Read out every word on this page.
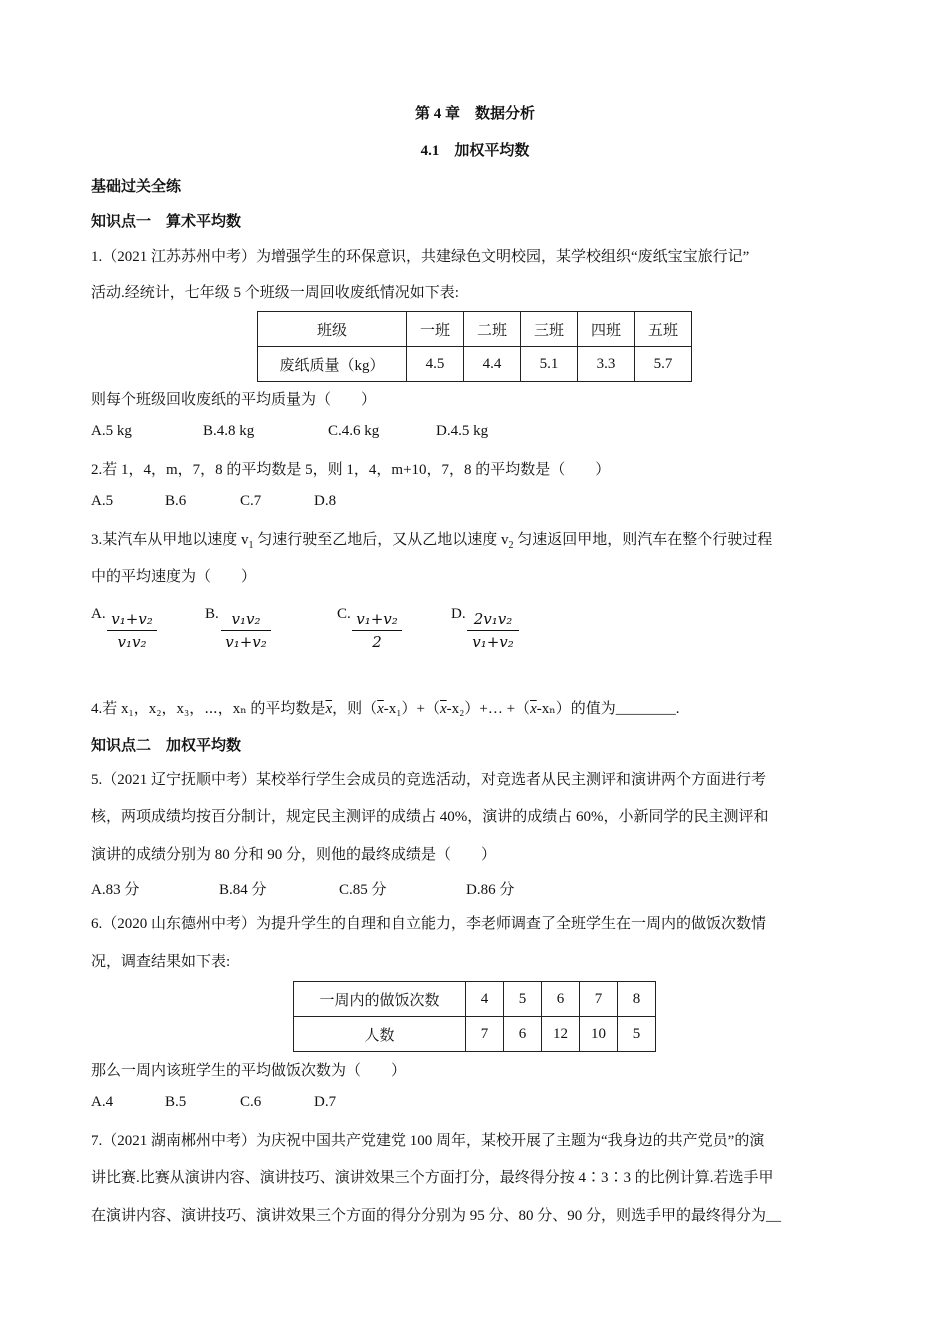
第 4 章　数据分析
4.1　加权平均数
基础过关全练
知识点一　算术平均数
1.（2021 江苏苏州中考）为增强学生的环保意识，共建绿色文明校园，某学校组织“废纸宝宝旅行记”
活动.经统计，七年级 5 个班级一周回收废纸情况如下表:
班级	一班	二班	三班	四班	五班
废纸质量（kg）	4.5	4.4	5.1	3.3	5.7
则每个班级回收废纸的平均质量为（　　）
A.5 kg	B.4.8 kg	C.4.6 kg	D.4.5 kg
2.若 1，4，m，7，8 的平均数是 5，则 1，4，m+10，7，8 的平均数是（　　）
A.5	B.6	C.7	D.8
3.某汽车从甲地以速度 $v_1$ 匀速行驶至乙地后，又从乙地以速度 $v_2$ 匀速返回甲地，则汽车在整个行驶过程
中的平均速度为（　　）
A. v₁+v₂
v₁v₂
B. v₁v₂
v₁+v₂
C. v₁+v₂
2
D. 2v₁v₂
v₁+v₂
4.若 x₁，x₂，x₃，⋯，xₙ 的平均数是$\overline{x}$，则$(\overline{x}-x_1)+(\overline{x}-x_2)+\dots +(\overline{x}-x_n)$的值为________.
知识点二　加权平均数
5.（2021 辽宁抚顺中考）某校举行学生会成员的竞选活动，对竞选者从民主测评和演讲两个方面进行考
核，两项成绩均按百分制计，规定民主测评的成绩占 40%，演讲的成绩占 60%，小新同学的民主测评和
演讲的成绩分别为 80 分和 90 分，则他的最终成绩是（　　）
A.83 分	B.84 分	C.85 分	D.86 分
6.（2020 山东德州中考）为提升学生的自理和自立能力，李老师调查了全班学生在一周内的做饭次数情
况，调查结果如下表:
一周内的做饭次数	4	5	6	7	8
人数	7	6	12	10	5
那么一周内该班学生的平均做饭次数为（　　）
A.4	B.5	C.6	D.7
7.（2021 湖南郴州中考）为庆祝中国共产党建党 100 周年，某校开展了主题为“我身边的共产党员”的演
讲比赛.比赛从演讲内容、演讲技巧、演讲效果三个方面打分，最终得分按 4∶3∶3 的比例计算.若选手甲
在演讲内容、演讲技巧、演讲效果三个方面的得分分别为 95 分、80 分、90 分，则选手甲的最终得分为__
